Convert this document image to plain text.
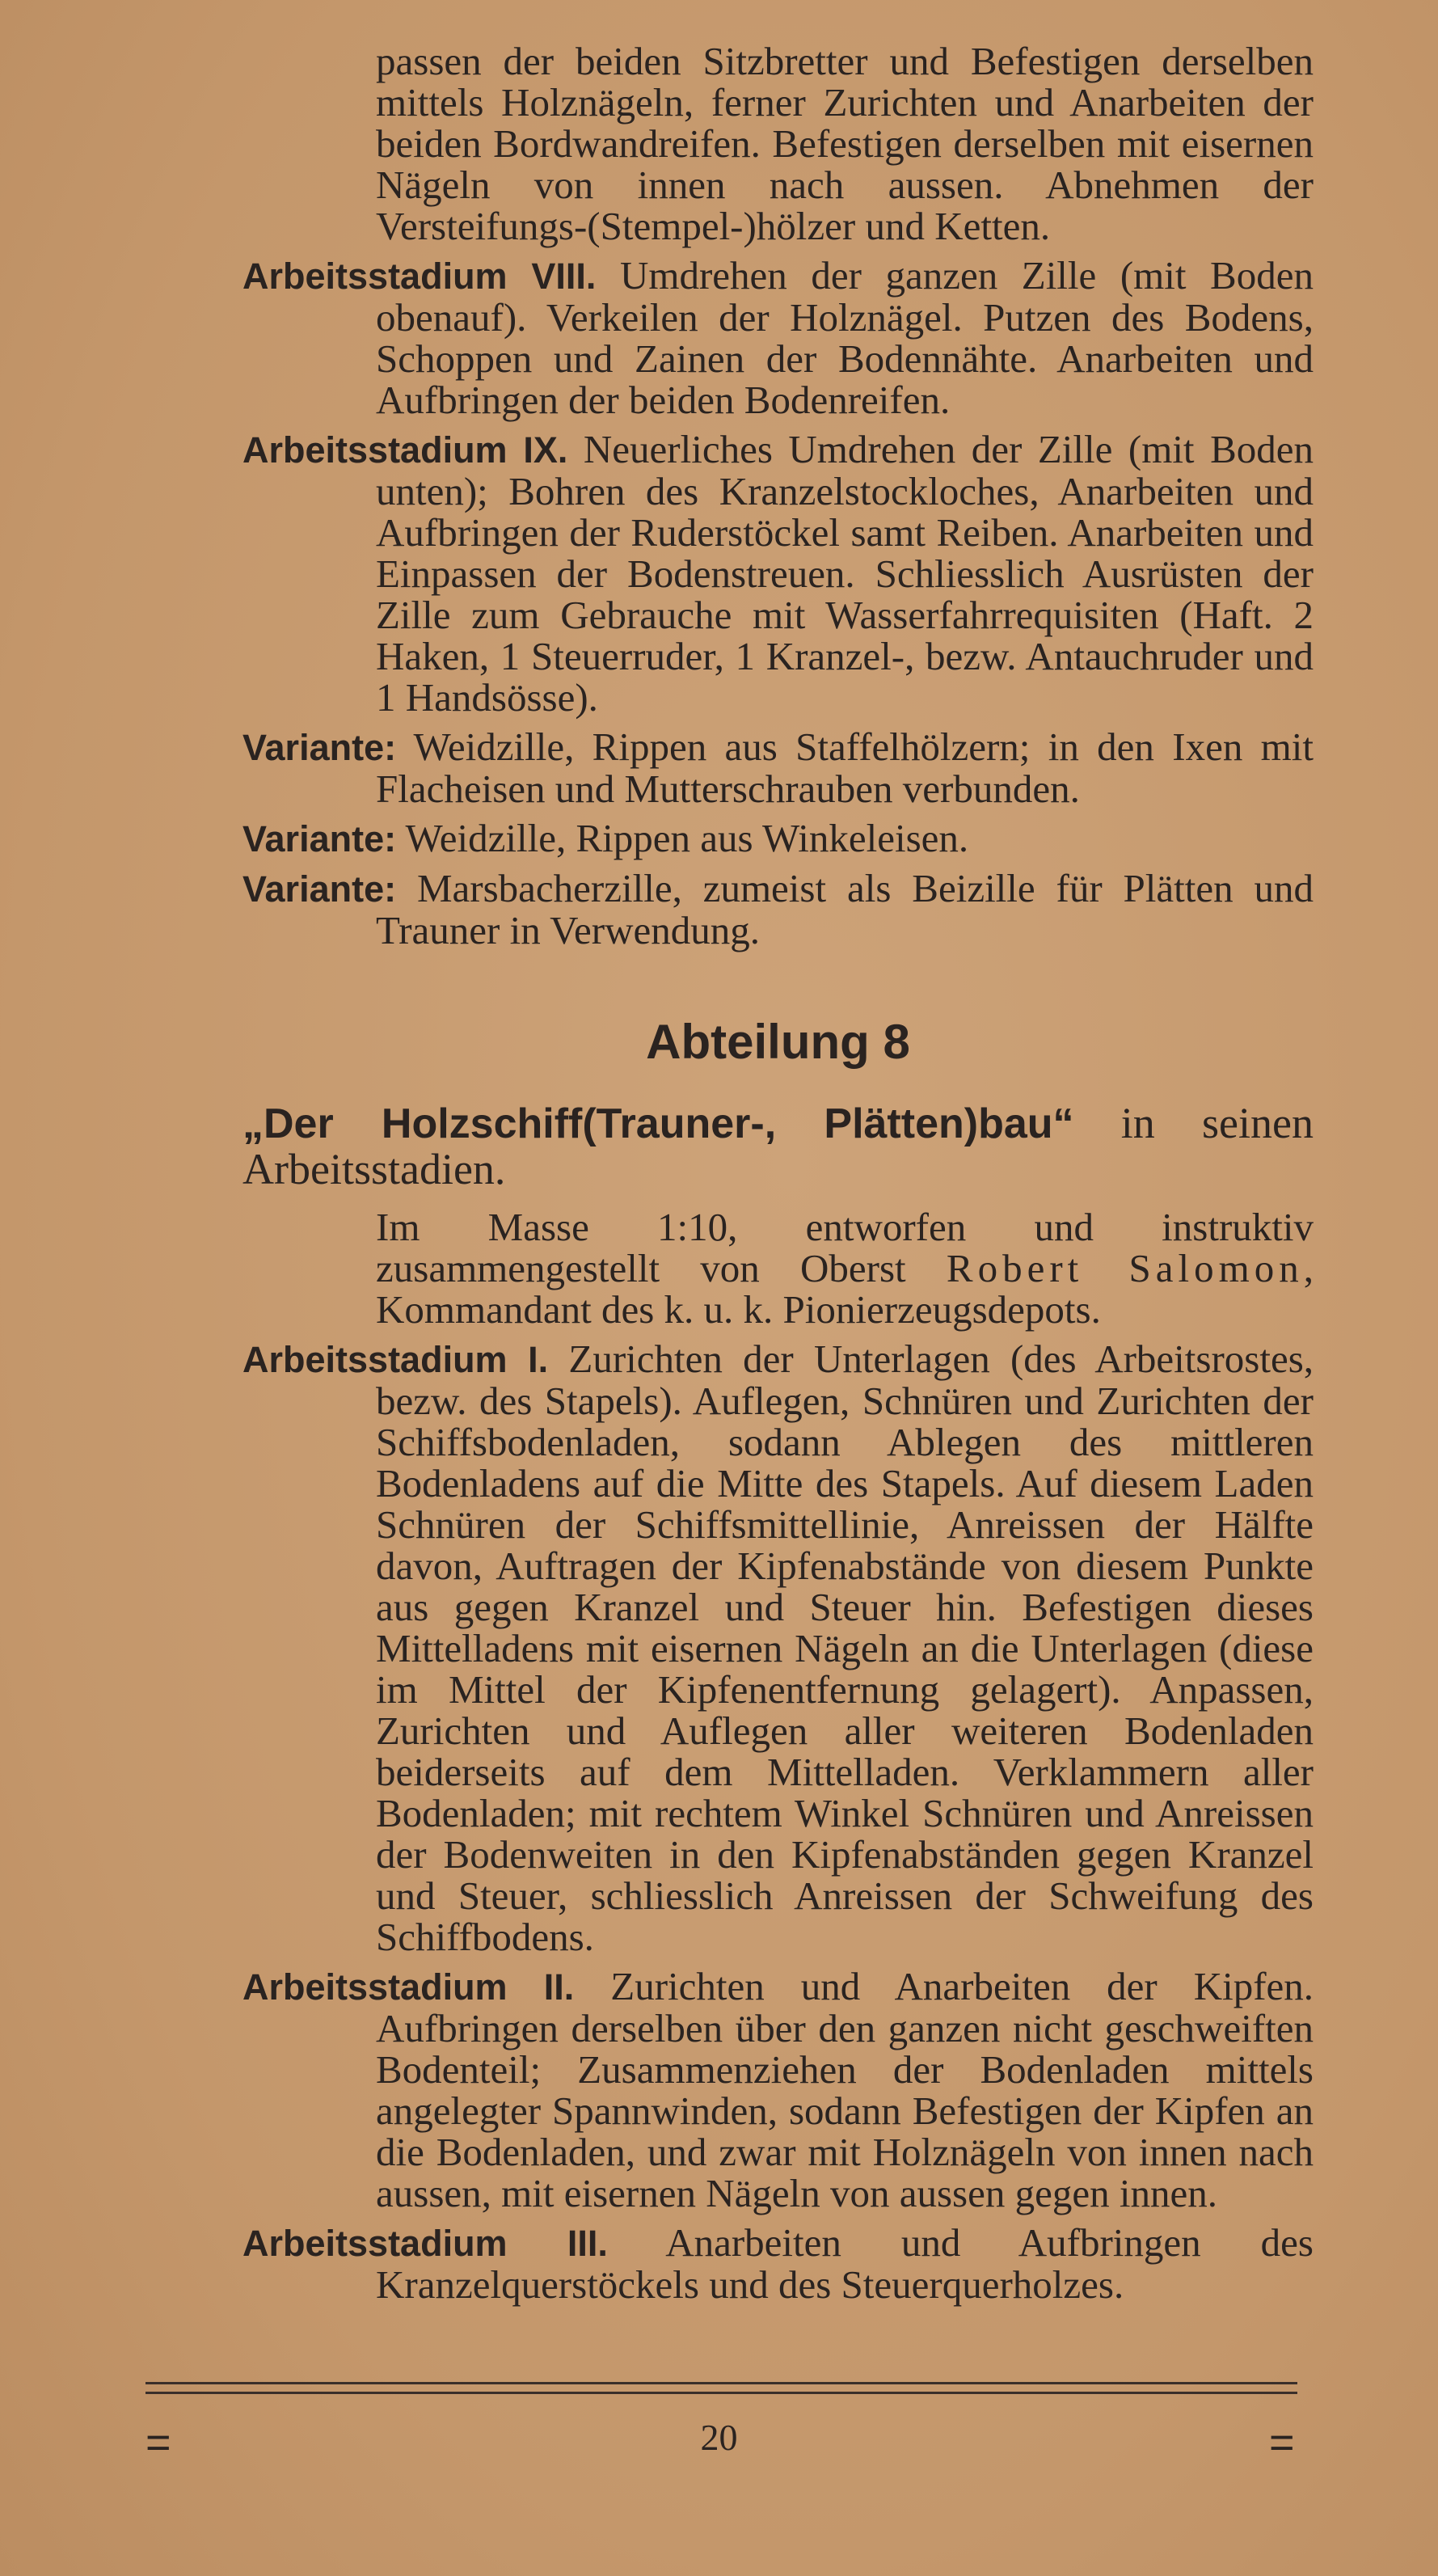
passen der beiden Sitzbretter und Befestigen derselben mittels Holznägeln, ferner Zurichten und Anarbeiten der beiden Bordwandreifen. Befestigen derselben mit eisernen Nägeln von innen nach aussen. Abnehmen der Versteifungs-(Stempel-)hölzer und Ketten.

Arbeitsstadium VIII. Umdrehen der ganzen Zille (mit Boden obenauf). Verkeilen der Holznägel. Putzen des Bodens, Schoppen und Zainen der Bodennähte. Anarbeiten und Aufbringen der beiden Bodenreifen.

Arbeitsstadium IX. Neuerliches Umdrehen der Zille (mit Boden unten); Bohren des Kranzelstockloches, Anarbeiten und Aufbringen der Ruderstöckel samt Reiben. Anarbeiten und Einpassen der Bodenstreuen. Schliesslich Ausrüsten der Zille zum Gebrauche mit Wasserfahrrequisiten (Haft. 2 Haken, 1 Steuerruder, 1 Kranzel-, bezw. Antauchruder und 1 Handsösse).

Variante: Weidzille, Rippen aus Staffelhölzern; in den Ixen mit Flacheisen und Mutterschrauben verbunden.

Variante: Weidzille, Rippen aus Winkeleisen.

Variante: Marsbacherzille, zumeist als Beizille für Plätten und Trauner in Verwendung.

Abteilung 8

„Der Holzschiff(Trauner-, Plätten)bau“ in seinen Arbeitsstadien.

Im Masse 1:10, entworfen und instruktiv zusammengestellt von Oberst Robert Salomon, Kommandant des k. u. k. Pionierzeugsdepots.

Arbeitsstadium I. Zurichten der Unterlagen (des Arbeitsrostes, bezw. des Stapels). Auflegen, Schnüren und Zurichten der Schiffsbodenladen, sodann Ablegen des mittleren Bodenladens auf die Mitte des Stapels. Auf diesem Laden Schnüren der Schiffsmittellinie, Anreissen der Hälfte davon, Auftragen der Kipfenabstände von diesem Punkte aus gegen Kranzel und Steuer hin. Befestigen dieses Mittelladens mit eisernen Nägeln an die Unterlagen (diese im Mittel der Kipfenentfernung gelagert). Anpassen, Zurichten und Auflegen aller weiteren Bodenladen beiderseits auf dem Mittelladen. Verklammern aller Bodenladen; mit rechtem Winkel Schnüren und Anreissen der Bodenweiten in den Kipfenabständen gegen Kranzel und Steuer, schliesslich Anreissen der Schweifung des Schiffbodens.

Arbeitsstadium II. Zurichten und Anarbeiten der Kipfen. Aufbringen derselben über den ganzen nicht geschweiften Bodenteil; Zusammenziehen der Bodenladen mittels angelegter Spannwinden, sodann Befestigen der Kipfen an die Bodenladen, und zwar mit Holznägeln von innen nach aussen, mit eisernen Nägeln von aussen gegen innen.

Arbeitsstadium III. Anarbeiten und Aufbringen des Kranzelquerstöckels und des Steuerquerholzes.

=	20	=
